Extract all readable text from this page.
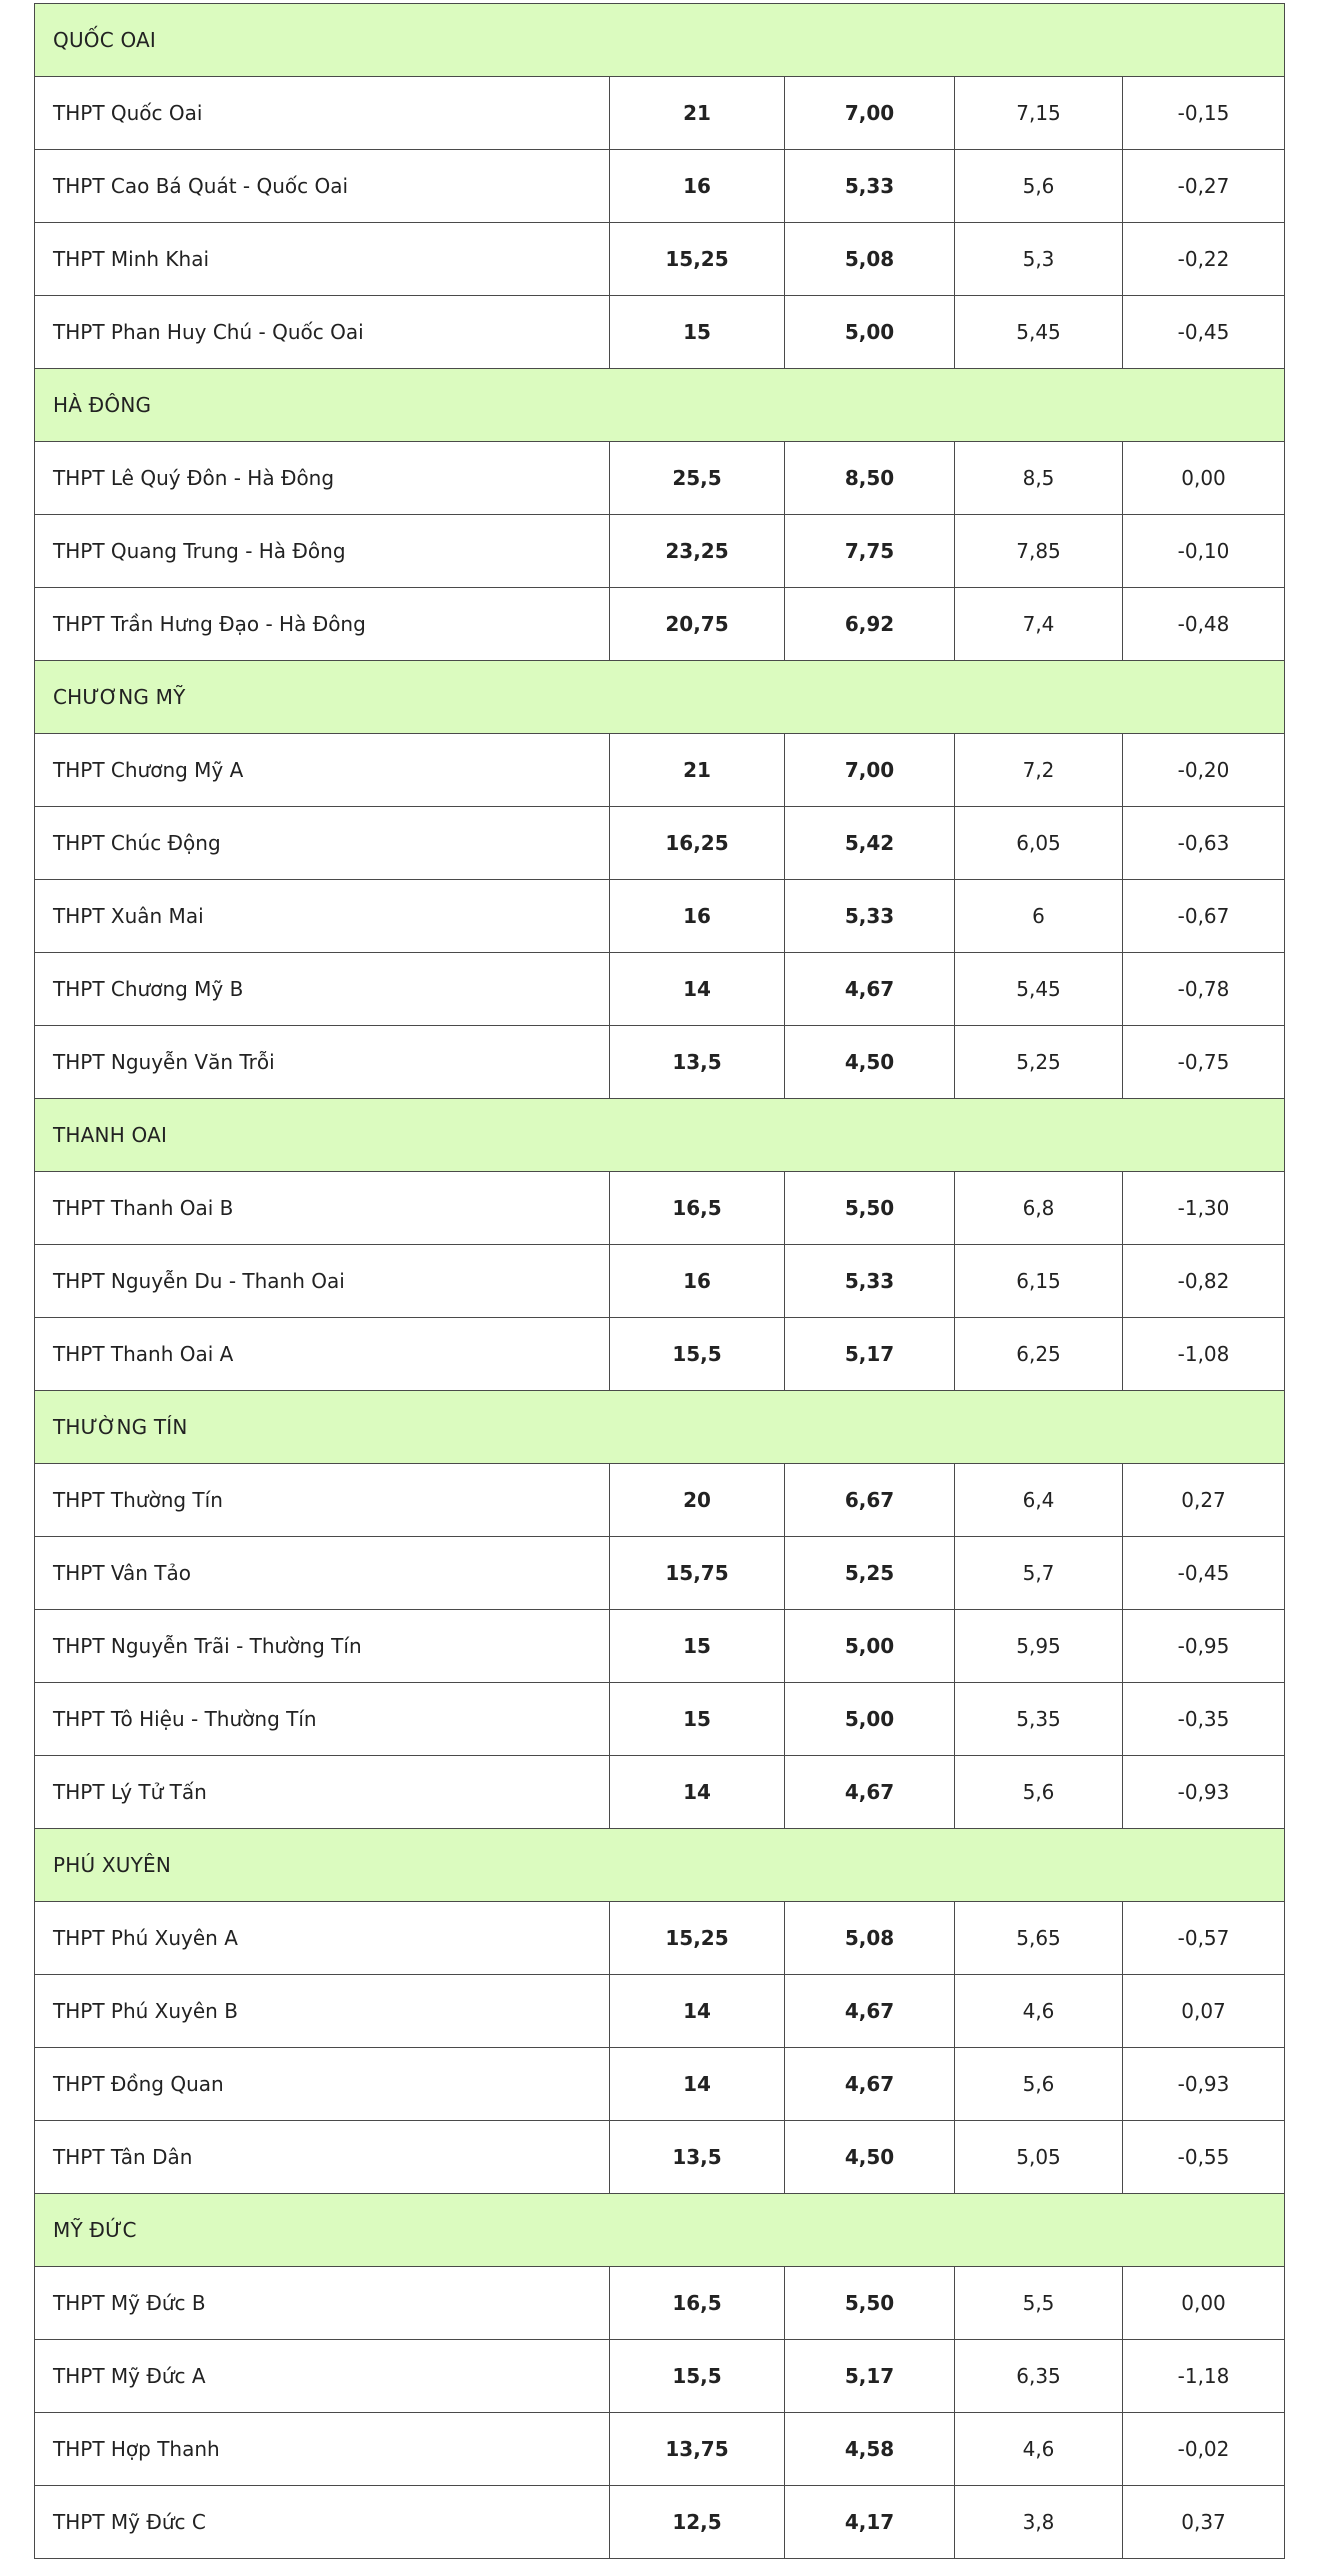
QUỐC OAI				
THPT Quốc Oai	21	7,00	7,15	-0,15
THPT Cao Bá Quát - Quốc Oai	16	5,33	5,6	-0,27
THPT Minh Khai	15,25	5,08	5,3	-0,22
THPT Phan Huy Chú - Quốc Oai	15	5,00	5,45	-0,45
HÀ ĐÔNG				
THPT Lê Quý Đôn - Hà Đông	25,5	8,50	8,5	0,00
THPT Quang Trung - Hà Đông	23,25	7,75	7,85	-0,10
THPT Trần Hưng Đạo - Hà Đông	20,75	6,92	7,4	-0,48
CHƯƠNG MỸ				
THPT Chương Mỹ A	21	7,00	7,2	-0,20
THPT Chúc Động	16,25	5,42	6,05	-0,63
THPT Xuân Mai	16	5,33	6	-0,67
THPT Chương Mỹ B	14	4,67	5,45	-0,78
THPT Nguyễn Văn Trỗi	13,5	4,50	5,25	-0,75
THANH OAI				
THPT Thanh Oai B	16,5	5,50	6,8	-1,30
THPT Nguyễn Du - Thanh Oai	16	5,33	6,15	-0,82
THPT Thanh Oai A	15,5	5,17	6,25	-1,08
THƯỜNG TÍN				
THPT Thường Tín	20	6,67	6,4	0,27
THPT Vân Tảo	15,75	5,25	5,7	-0,45
THPT Nguyễn Trãi - Thường Tín	15	5,00	5,95	-0,95
THPT Tô Hiệu - Thường Tín	15	5,00	5,35	-0,35
THPT Lý Tử Tấn	14	4,67	5,6	-0,93
PHÚ XUYÊN				
THPT Phú Xuyên A	15,25	5,08	5,65	-0,57
THPT Phú Xuyên B	14	4,67	4,6	0,07
THPT Đồng Quan	14	4,67	5,6	-0,93
THPT Tân Dân	13,5	4,50	5,05	-0,55
MỸ ĐỨC				
THPT Mỹ Đức B	16,5	5,50	5,5	0,00
THPT Mỹ Đức A	15,5	5,17	6,35	-1,18
THPT Hợp Thanh	13,75	4,58	4,6	-0,02
THPT Mỹ Đức C	12,5	4,17	3,8	0,37
